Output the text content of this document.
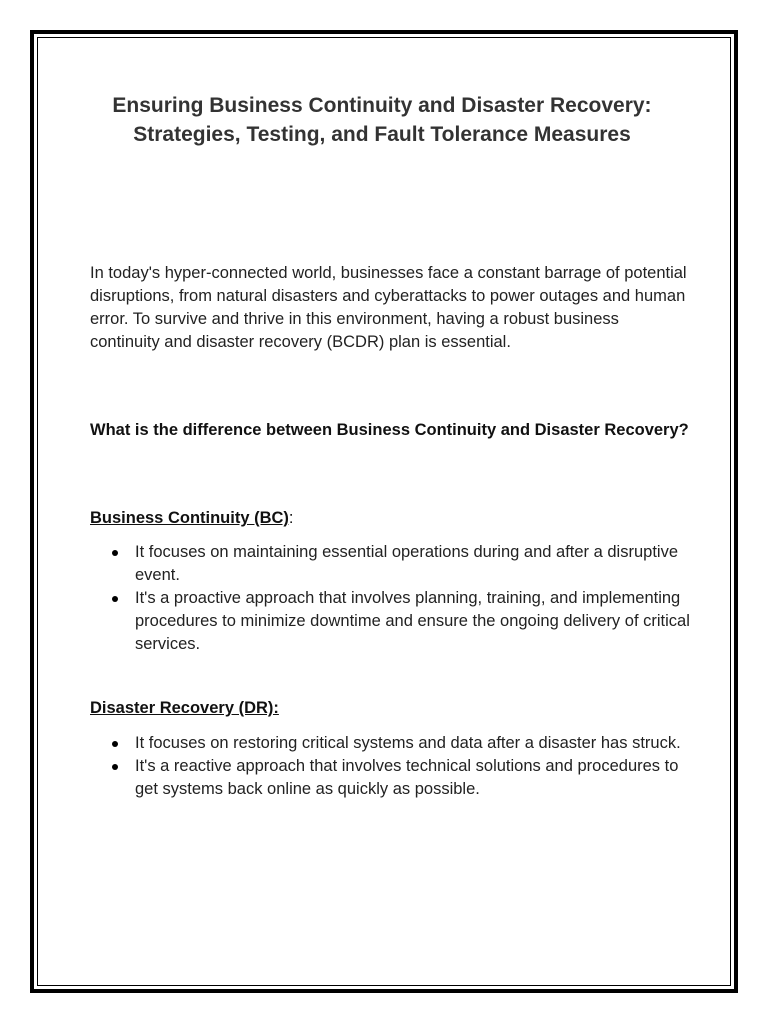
Ensuring Business Continuity and Disaster Recovery: Strategies, Testing, and Fault Tolerance Measures

In today's hyper-connected world, businesses face a constant barrage of potential disruptions, from natural disasters and cyberattacks to power outages and human error. To survive and thrive in this environment, having a robust business continuity and disaster recovery (BCDR) plan is essential.

What is the difference between Business Continuity and Disaster Recovery?

Business Continuity (BC):

It focuses on maintaining essential operations during and after a disruptive event.
It's a proactive approach that involves planning, training, and implementing procedures to minimize downtime and ensure the ongoing delivery of critical services.

Disaster Recovery (DR):

It focuses on restoring critical systems and data after a disaster has struck.
It's a reactive approach that involves technical solutions and procedures to get systems back online as quickly as possible.
